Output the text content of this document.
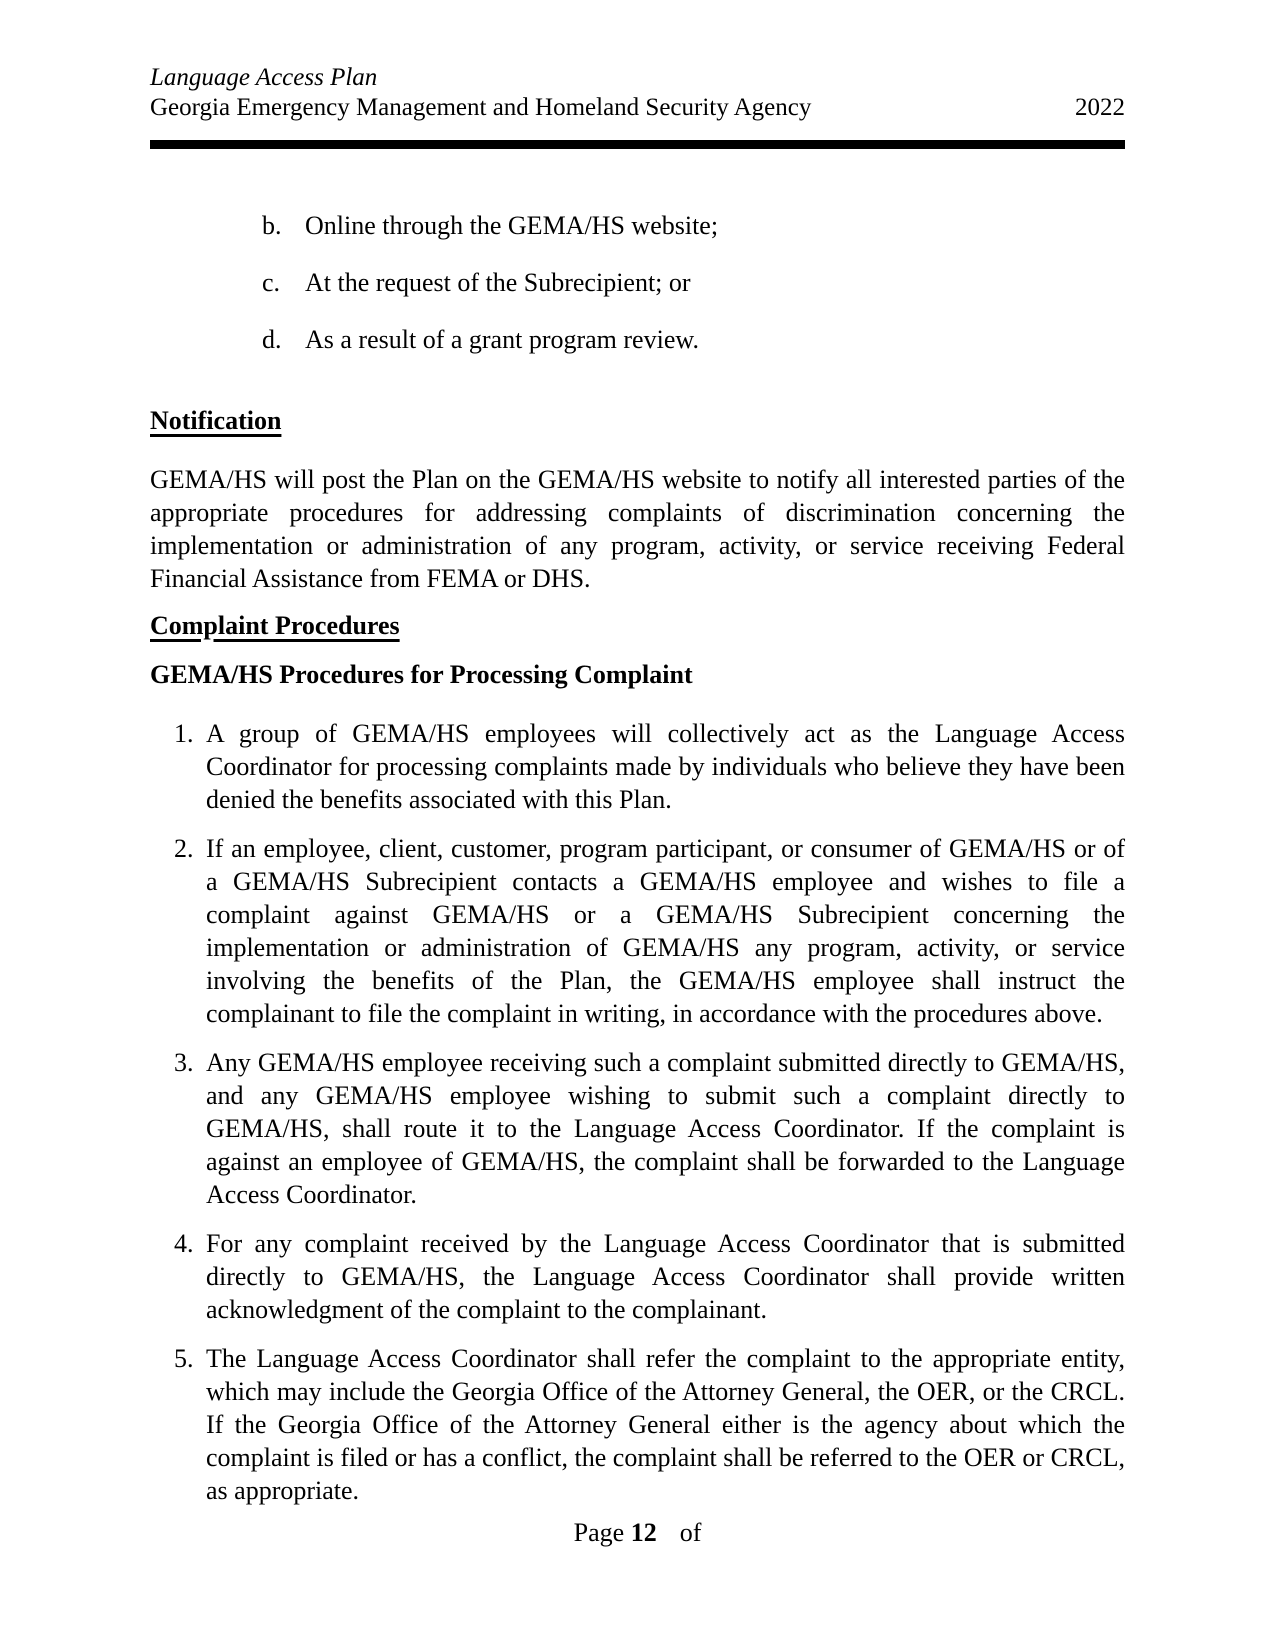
Language Access Plan
Georgia Emergency Management and Homeland Security Agency	2022
b. Online through the GEMA/HS website;
c. At the request of the Subrecipient; or
d. As a result of a grant program review.
Notification

GEMA/HS will post the Plan on the GEMA/HS website to notify all interested parties of the appropriate procedures for addressing complaints of discrimination concerning the implementation or administration of any program, activity, or service receiving Federal Financial Assistance from FEMA or DHS.

Complaint Procedures
GEMA/HS Procedures for Processing Complaint
1. A group of GEMA/HS employees will collectively act as the Language Access Coordinator for processing complaints made by individuals who believe they have been denied the benefits associated with this Plan.
2. If an employee, client, customer, program participant, or consumer of GEMA/HS or of a GEMA/HS Subrecipient contacts a GEMA/HS employee and wishes to file a complaint against GEMA/HS or a GEMA/HS Subrecipient concerning the implementation or administration of GEMA/HS any program, activity, or service involving the benefits of the Plan, the GEMA/HS employee shall instruct the complainant to file the complaint in writing, in accordance with the procedures above.
3. Any GEMA/HS employee receiving such a complaint submitted directly to GEMA/HS, and any GEMA/HS employee wishing to submit such a complaint directly to GEMA/HS, shall route it to the Language Access Coordinator. If the complaint is against an employee of GEMA/HS, the complaint shall be forwarded to the Language Access Coordinator.
4. For any complaint received by the Language Access Coordinator that is submitted directly to GEMA/HS, the Language Access Coordinator shall provide written acknowledgment of the complaint to the complainant.
5. The Language Access Coordinator shall refer the complaint to the appropriate entity, which may include the Georgia Office of the Attorney General, the OER, or the CRCL. If the Georgia Office of the Attorney General either is the agency about which the complaint is filed or has a conflict, the complaint shall be referred to the OER or CRCL, as appropriate.
Page 12 of
